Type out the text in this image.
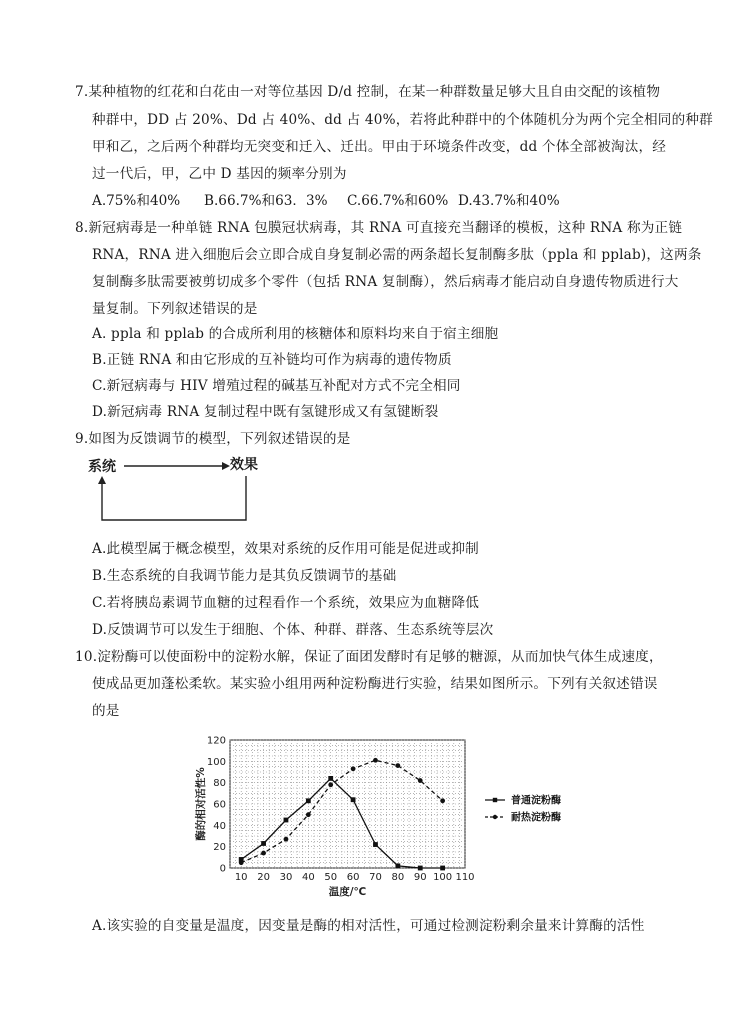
7.某种植物的红花和白花由一对等位基因 D/d 控制，在某一种群数量足够大且自由交配的该植物
种群中，DD 占 20%、Dd 占 40%、dd 占 40%，若将此种群中的个体随机分为两个完全相同的种群
甲和乙，之后两个种群均无突变和迁入、迁出。甲由于环境条件改变，dd 个体全部被淘汰，经
过一代后，甲，乙中 D 基因的频率分别为
A.75%和40% B.66.7%和63．3% C.66.7%和60% D.43.7%和40%
8.新冠病毒是一种单链 RNA 包膜冠状病毒，其 RNA 可直接充当翻译的模板，这种 RNA 称为正链
RNA，RNA 进入细胞后会立即合成自身复制必需的两条超长复制酶多肽（ppla 和 pplab)，这两条
复制酶多肽需要被剪切成多个零件（包括 RNA 复制酶），然后病毒才能启动自身遗传物质进行大
量复制。下列叙述错误的是
A. ppla 和 pplab 的合成所利用的核糖体和原料均来自于宿主细胞
B.正链 RNA 和由它形成的互补链均可作为病毒的遗传物质
C.新冠病毒与 HIV 增殖过程的碱基互补配对方式不完全相同
D.新冠病毒 RNA 复制过程中既有氢键形成又有氢键断裂
9.如图为反馈调节的模型，下列叙述错误的是
系统	效果
A.此模型属于概念模型，效果对系统的反作用可能是促进或抑制
B.生态系统的自我调节能力是其负反馈调节的基础
C.若将胰岛素调节血糖的过程看作一个系统，效果应为血糖降低
D.反馈调节可以发生于细胞、个体、种群、群落、生态系统等层次
10.淀粉酶可以使面粉中的淀粉水解，保证了面团发酵时有足够的糖源，从而加快气体生成速度，
使成品更加蓬松柔软。某实验小组用两种淀粉酶进行实验，结果如图所示。下列有关叙述错误
的是
0
20
40
60
80
100
120
10 20 30 40 50 60 70 80 90 100 110
温度/℃
酶的相对活性%	普通淀粉酶
耐热淀粉酶
A.该实验的自变量是温度，因变量是酶的相对活性，可通过检测淀粉剩余量来计算酶的活性
